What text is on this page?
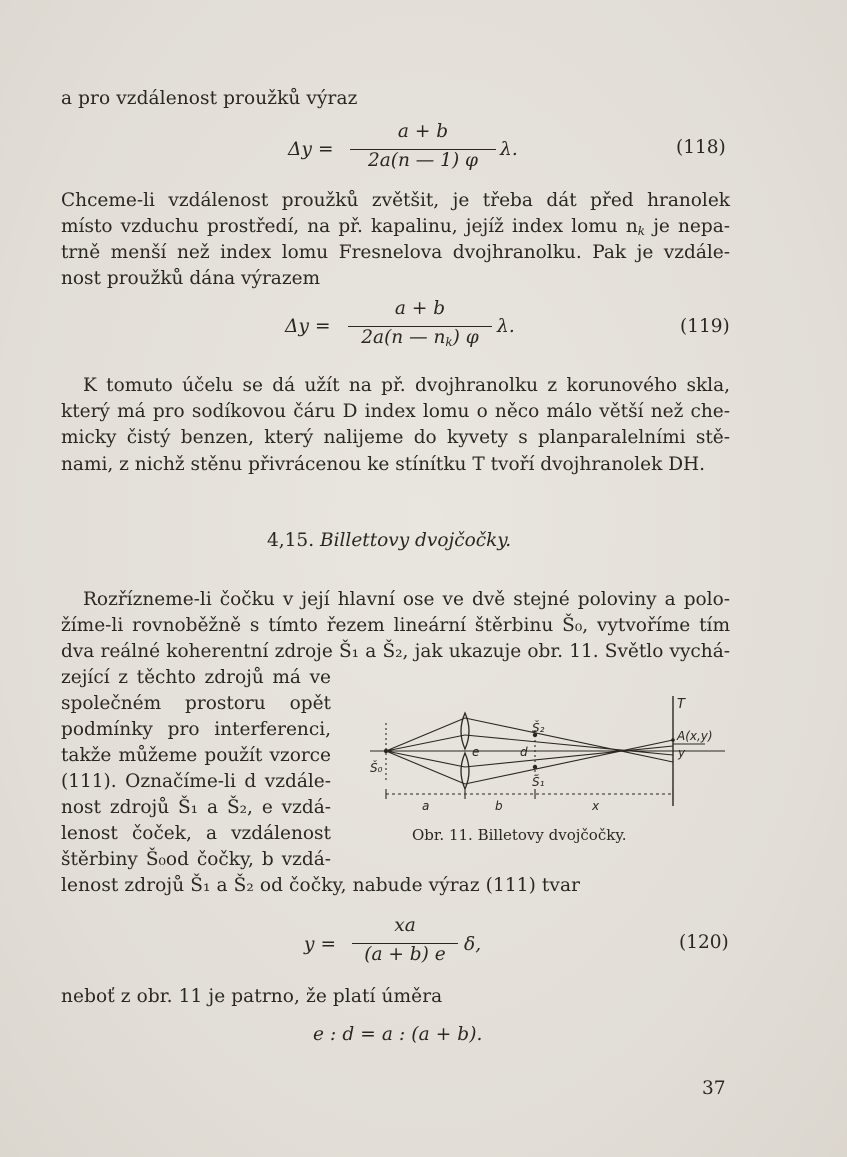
a pro vzdálenost proužků výraz
Δy =
a + b
2a(n — 1) φ
λ.	(118)
Chceme-li vzdálenost proužků zvětšit, je třeba dát před hranolek
místo vzduchu prostředí, na př. kapalinu, jejíž index lomu $n_k$ je nepa-
trně menší než index lomu Fresnelova dvojhranolku. Pak je vzdále-
nost proužků dána výrazem
Δy =
a + b
2a(n — $n_k$) φ
λ.	(119)
K tomuto účelu se dá užít na př. dvojhranolku z korunového skla,
který má pro sodíkovou čáru D index lomu o něco málo větší než che-
micky čistý benzen, který nalijeme do kyvety s planparalelními stě-
nami, z nichž stěnu přivrácenou ke stínítku T tvoří dvojhranolek DH.
4,15. Billettovy dvojčočky.
Rozřízneme-li čočku v její hlavní ose ve dvě stejné poloviny a polo-
žíme-li rovnoběžně s tímto řezem lineární štěrbinu Š₀, vytvoříme tím
dva reálné koherentní zdroje Š₁ a Š₂, jak ukazuje obr. 11. Světlo vychá-
zející z těchto zdrojů má ve
společném prostoru opět
podmínky pro interferenci,
takže můžeme použít vzorce
(111). Označíme-li d vzdále-
nost zdrojů Š₁ a Š₂, e vzdá-
lenost čoček, a vzdálenost
štěrbiny Š₀od čočky, b vzdá-
lenost zdrojů Š₁ a Š₂ od čočky, nabude výraz (111) tvar
T
A(x,y)
y
Š₀
Š₁
Š₂
e	d
a	b	x
Obr. 11. Billetovy dvojčočky.
y =
xa
(a + b) e δ,	(120)
neboť z obr. 11 je patrno, že platí úměra
e : d = a : (a + b).
37
